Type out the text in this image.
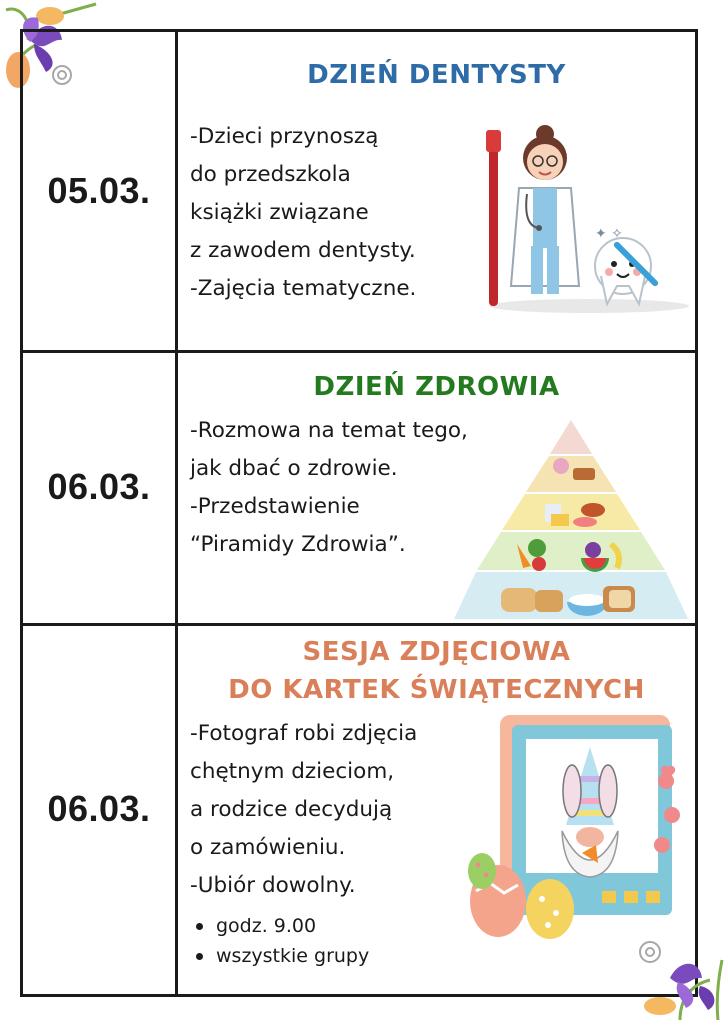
05.03.
DZIEŃ DENTYSTY
-Dzieci przynoszą
do przedszkola
książki związane
z zawodem dentysty.
-Zajęcia tematyczne.
✦ ✧
06.03.
DZIEŃ ZDROWIA
-Rozmowa na temat tego,
jak dbać o zdrowie.
-Przedstawienie
“Piramidy Zdrowia”.
06.03.
SESJA ZDJĘCIOWA
DO KARTEK ŚWIĄTECZNYCH
-Fotograf robi zdjęcia
chętnym dzieciom,
a rodzice decydują
o zamówieniu.
-Ubiór dowolny.
godz. 9.00
wszystkie grupy
